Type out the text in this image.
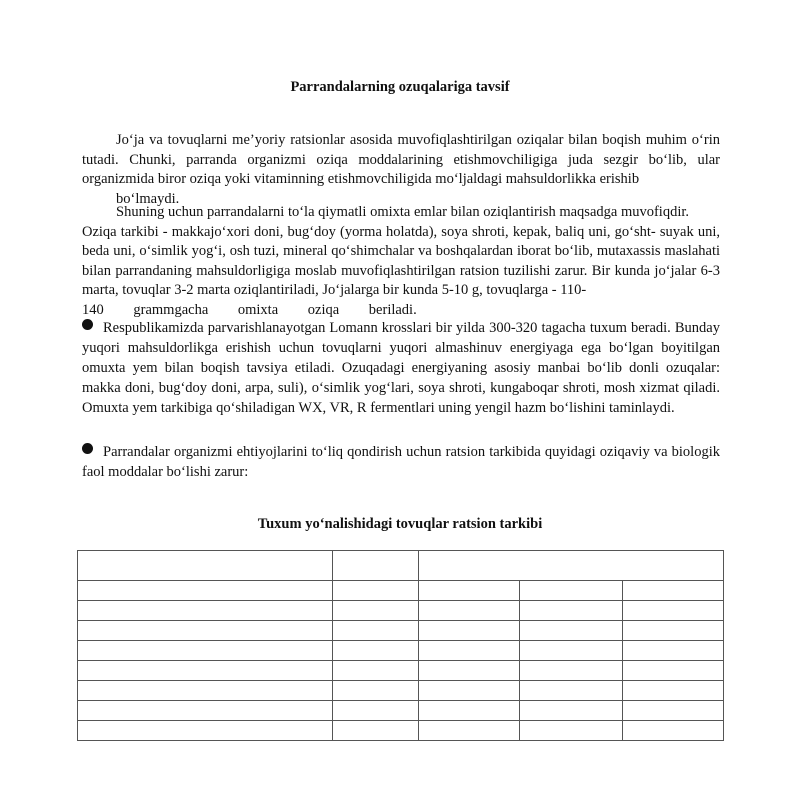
Parrandalarning ozuqalariga tavsif

Jo‘ja va tovuqlarni me’yoriy ratsionlar asosida muvofiqlashtirilgan oziqalar bilan boqish muhim o‘rin tutadi. Chunki, parranda organizmi oziqa moddalarining etishmovchiligiga juda sezgir bo‘lib, ular organizmida biror oziqa yoki vitaminning etishmovchiligida mo‘ljaldagi mahsuldorlikka erishib

bo‘lmaydi.

Shuning uchun parrandalarni to‘la qiymatli omixta emlar bilan oziqlantirish maqsadga muvofiqdir.

Oziqa tarkibi - makkajo‘xori doni, bug‘doy (yorma holatda), soya shroti, kepak, baliq uni, go‘sht- suyak uni, beda uni, o‘simlik yog‘i, osh tuzi, mineral qo‘shimchalar va boshqalardan iborat bo‘lib, mutaxassis maslahati bilan parrandaning mahsuldorligiga moslab muvofiqlashtirilgan ratsion tuzilishi zarur. Bir kunda jo‘jalar 6-3 marta, tovuqlar 3-2 marta oziqlantiriladi, Jo‘jalarga bir kunda 5-10 g, tovuqlarga - 110-

140 grammgacha omixta oziqa beriladi.

Respublikamizda parvarishlanayotgan Lomann krosslari bir yilda 300-320 tagacha tuxum beradi. Bunday yuqori mahsuldorlikga erishish uchun tovuqlarni yuqori almashinuv energiyaga ega bo‘lgan boyitilgan omuxta yem bilan boqish tavsiya etiladi. Ozuqadagi energiyaning asosiy manbai bo‘lib donli ozuqalar: makka doni, bug‘doy doni, arpa, suli), o‘simlik yog‘lari, soya shroti, kungaboqar shroti, mosh xizmat qiladi. Omuxta yem tarkibiga qo‘shiladigan WX, VR, R fermentlari uning yengil hazm bo‘lishini taminlaydi.
Parrandalar organizmi ehtiyojlarini to‘liq qondirish uchun ratsion tarkibida quyidagi oziqaviy va biologik faol moddalar bo‘lishi zarur:
Tuxum yo‘nalishidagi tovuqlar ratsion tarkibi
